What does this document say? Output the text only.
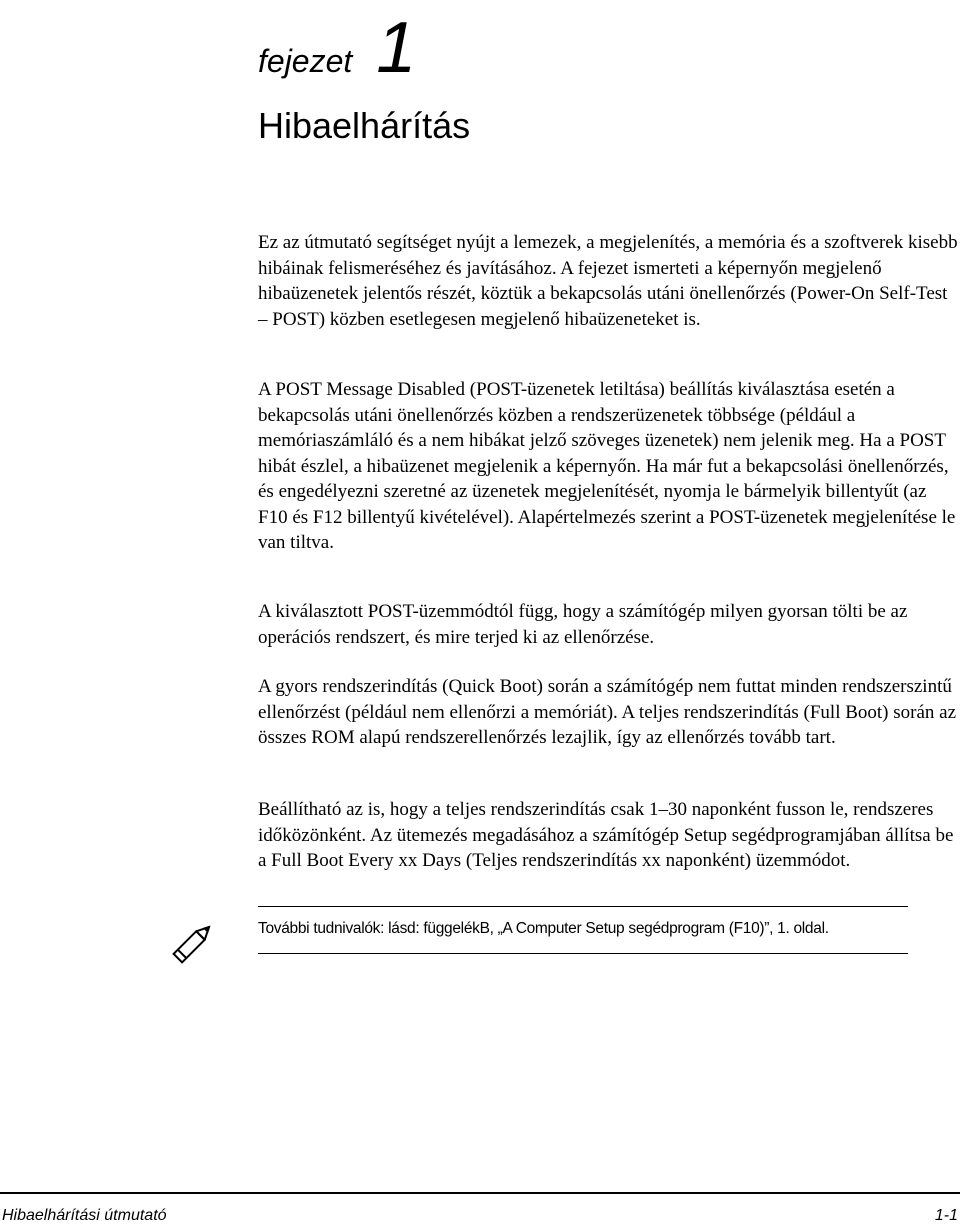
fejezet 1
Hibaelhárítás

Ez az útmutató segítséget nyújt a lemezek, a megjelenítés, a memória és a szoftverek kisebb hibáinak felismeréséhez és javításához. A fejezet ismerteti a képernyőn megjelenő hibaüzenetek jelentős részét, köztük a bekapcsolás utáni önellenőrzés (Power-On Self-Test – POST) közben esetlegesen megjelenő hibaüzeneteket is.

A POST Message Disabled (POST-üzenetek letiltása) beállítás kiválasztása esetén a bekapcsolás utáni önellenőrzés közben a rendszerüzenetek többsége (például a memóriaszámláló és a nem hibákat jelző szöveges üzenetek) nem jelenik meg. Ha a POST hibát észlel, a hibaüzenet megjelenik a képernyőn. Ha már fut a bekapcsolási önellenőrzés, és engedélyezni szeretné az üzenetek megjelenítését, nyomja le bármelyik billentyűt (az F10 és F12 billentyű kivételével). Alapértelmezés szerint a POST-üzenetek megjelenítése le van tiltva.

A kiválasztott POST-üzemmódtól függ, hogy a számítógép milyen gyorsan tölti be az operációs rendszert, és mire terjed ki az ellenőrzése.

A gyors rendszerindítás (Quick Boot) során a számítógép nem futtat minden rendszerszintű ellenőrzést (például nem ellenőrzi a memóriát). A teljes rendszerindítás (Full Boot) során az összes ROM alapú rendszerellenőrzés lezajlik, így az ellenőrzés tovább tart.

Beállítható az is, hogy a teljes rendszerindítás csak 1–30 naponként fusson le, rendszeres időközönként. Az ütemezés megadásához a számítógép Setup segédprogramjában állítsa be a Full Boot Every xx Days (Teljes rendszerindítás xx naponként) üzemmódot.

További tudnivalók: lásd: függelékB, „A Computer Setup segédprogram (F10)”, 1. oldal.
Hibaelhárítási útmutató	1-1
